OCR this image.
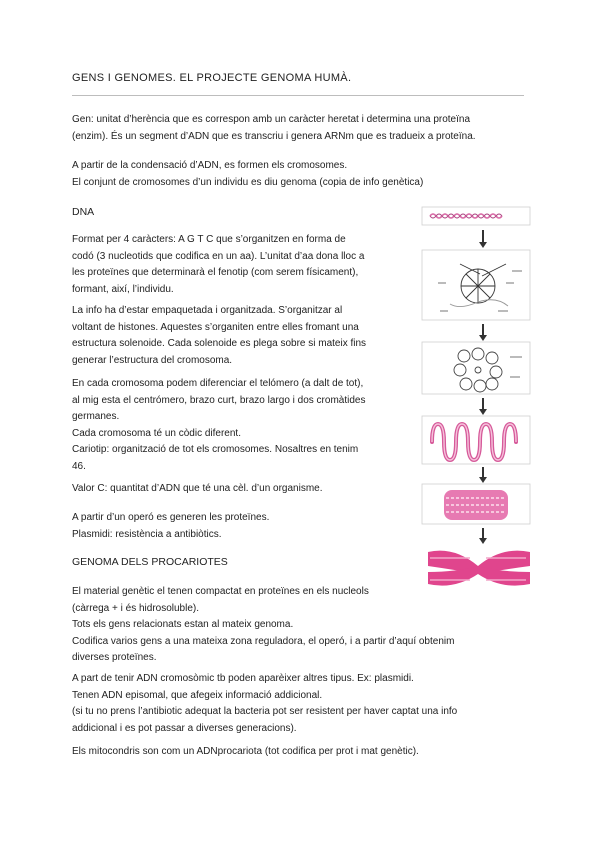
GENS I GENOMES. EL PROJECTE GENOMA HUMÀ.
Gen: unitat d’herència que es correspon amb un caràcter heretat i determina una proteïna
(enzim). És un segment d’ADN que es transcriu i genera ARNm que es tradueix a proteïna.
A partir de la condensació d’ADN, es formen els cromosomes.
El conjunt de cromosomes d’un individu es diu genoma (copia de info genètica)
DNA
Format per 4 caràcters: A G T C que s’organitzen en forma de
codó (3 nucleotids que codifica en un aa). L’unitat d’aa dona lloc a
les proteïnes que determinarà el fenotip (com serem físicament),
formant, així, l’individu.
La info ha d’estar empaquetada i organitzada. S’organitzar al
voltant de histones. Aquestes s’organiten entre elles fromant una
estructura solenoide. Cada solenoide es plega sobre si mateix fins
generar l’estructura del cromosoma.
En cada cromosoma podem diferenciar el telómero (a dalt de tot),
al mig esta el centrómero, brazo curt, brazo largo i dos cromàtides
germanes.
Cada cromosoma té un còdic diferent.
Cariotip: organització de tot els cromosomes. Nosaltres en tenim
46.
Valor C: quantitat d’ADN que té una cèl. d’un organisme.
A partir d’un operó es generen les proteïnes.
Plasmidi: resistència a antibiòtics.
GENOMA DELS PROCARIOTES
El material genètic el tenen compactat en proteïnes en els nucleols
(càrrega + i és hidrosoluble).
Tots els gens relacionats estan al mateix genoma.
Codifica varios gens a una mateixa zona reguladora, el operó, i a partir d’aquí obtenim
diverses proteïnes.
A part de tenir ADN cromosòmic tb poden aparèixer altres tipus. Ex: plasmidi.
Tenen ADN episomal, que afegeix informació addicional.
(si tu no prens l’antibiotic adequat la bacteria pot ser resistent per haver captat una info
addicional i es pot passar a diverses generacions).
Els mitocondris son com un ADNprocariota (tot codifica per prot i mat genètic).
